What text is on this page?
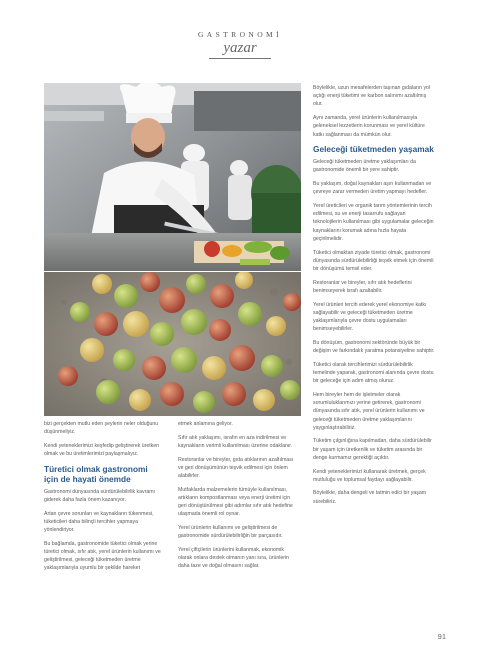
GASTRONOMİ
yazar

bizi gerçekten mutlu eden şeylerin neler olduğunu düşünmeliyiz.

Kendi yeteneklerimizi keşfedip geliştirerek üretken olmak ve bu üretimlerimizi paylaşmalıyız.

Türetici olmak gastronomi için de hayati önemde

Gastronomi dünyasında sürdürülebilirlik kavramı giderek daha fazla önem kazanıyor.

Artan çevre sorunları ve kaynakların tükenmesi, tüketicileri daha bilinçli tercihler yapmaya yönlendiriyor.

Bu bağlamda, gastronomide tüketici olmak yerine türetici olmak, sıfır atık, yerel ürünlerin kullanımı ve geliştirilmesi, geleceği tüketmeden üretme yaklaşımlarıyla uyumlu bir şekilde hareket

etmek anlamına geliyor.

Sıfır atık yaklaşımı, israfın en aza indirilmesi ve kaynakların verimli kullanılması üzerine odaklanır.

Restoranlar ve bireyler, gıda atıklarının azaltılması ve geri dönüşümünün teşvik edilmesi için önlem alabilirler.

Mutfaklarda malzemelerin tümüyle kullanılması, artıkların kompostlanması veya enerji üretimi için geri dönüştürülmesi gibi adımlar sıfır atık hedefine ulaşmada önemli rol oynar.

Yerel ürünlerin kullanımı ve geliştirilmesi de gastronomide sürdürülebilirliğin bir parçasıdır.

Yerel çiftçilerin ürünlerini kullanmak, ekonomik olarak onlara destek olmanın yanı sıra, ürünlerin daha taze ve doğal olmasını sağlar.

Böylelikle, uzun mesafelerden taşınan gıdaların yol açtığı enerji tüketimi ve karbon salınımı azaltılmış olur.

Aynı zamanda, yerel ürünlerin kullanılmasıyla geleneksel lezzetlerin korunması ve yerel kültüre katkı sağlanması da mümkün olur.

Geleceği tüketmeden yaşamak

Geleceği tüketmeden üretme yaklaşımları da gastronomide önemli bir yere sahiptir.

Bu yaklaşım, doğal kaynakları aşırı kullanmadan ve çevreye zarar vermeden üretim yapmayı hedefler.

Yerel üreticileri ve organik tarım yöntemlerinin tercih edilmesi, su ve enerji tasarrufu sağlayan teknolojilerin kullanılması gibi uygulamalar geleceğin kaynaklarını korumak adına hızla hayata geçirilmelidir.

Tüketici olmaktan ziyade türetici olmak, gastronomi dünyasında sürdürülebilirliği teşvik etmek için önemli bir dönüşümü temsil eder.

Restoranlar ve bireyler, sıfır atık hedeflerini benimseyerek israfı azaltabilir.

Yerel ürünleri tercih ederek yerel ekonomiye katkı sağlayabilir ve geleceği tüketmeden üretme yaklaşımlarıyla çevre dostu uygulamaları benimseyebilirler.

Bu dönüşüm, gastronomi sektöründe büyük bir değişim ve farkındalık yaratma potansiyeline sahiptir.

Tüketici olarak tercihlerimizi sürdürülebilirlik temelinde yaparak, gastronomi alanında çevre dostu bir geleceğe için adım atmış oluruz.

Hem bireyler hem de işletmeler olarak sorumluluklarımızı yerine getirerek, gastronomi dünyasında sıfır atık, yerel ürünlerin kullanımı ve geleceği tüketmeden üretme yaklaşımlarını yaygınlaştırabiliriz.

Tüketim çılgınlığına kapılmadan, daha sürdürülebilir bir yaşam için üretkenlik ve tüketim arasında bir denge kurmamız gerektiği açıktır.

Kendi yeteneklerimizi kullanarak üretmek, gerçek mutluluğu ve toplumsal faydayı sağlayabilir.

Böylelikle, daha dengeli ve tatmin edici bir yaşam sürebiliriz.

91
